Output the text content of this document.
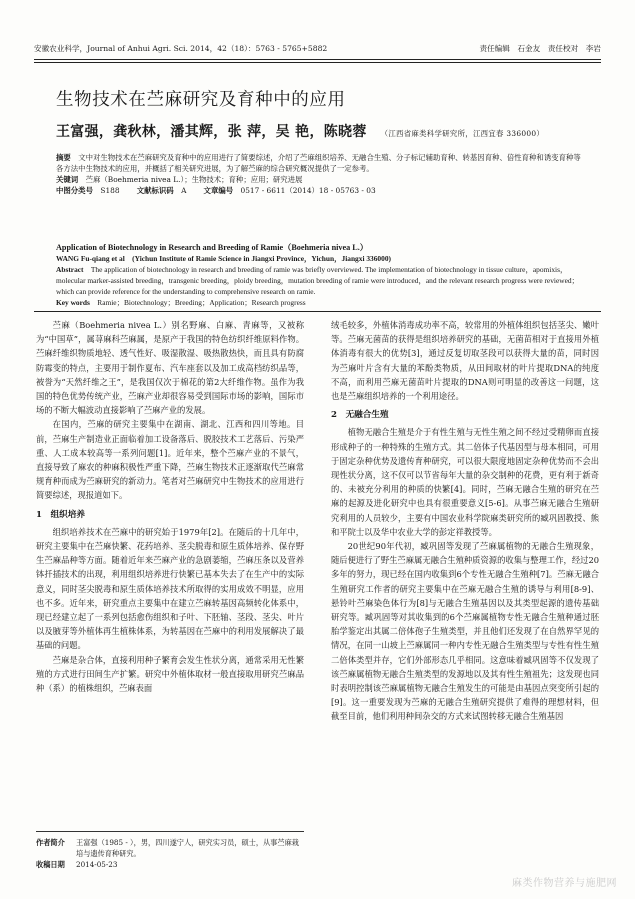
安徽农业科学，Journal of Anhui Agri. Sci. 2014，42（18）：5763 - 5765+5882	责任编辑　石金友　责任校对　李岩
生物技术在苎麻研究及育种中的应用
王富强，龚秋林，潘其辉，张 萍，吴 艳，陈晓蓉 （江西省麻类科学研究所，江西宜春 336000）
摘要　 文中对生物技术在苎麻研究及育种中的应用进行了简要综述，介绍了苎麻组织培养、无融合生殖、分子标记辅助育种、转基因育种、倍性育种和诱变育种等各方法中生物技术的应用，并概括了相关研究进展，为了解苎麻的综合研究概况提供了一定参考。
关键词　 苎麻（Boehmeria nivea L.）；生物技术；育种；应用；研究进展
中图分类号　 S188 　　 文献标识码　 A 　　 文章编号　 0517 - 6611（2014）18 - 05763 - 03
Application of Biotechnology in Research and Breeding of Ramie（Boehmeria nivea L.）
WANG Fu-qiang et al　(Yichun Institute of Ramie Science in Jiangxi Province，Yichun，Jiangxi 336000)
Abstract　 The application of biotechnology in research and breeding of ramie was briefly overviewed. The implementation of biotechnology in tissue culture，apomixis，molecular marker-assisted breeding，transgenic breeding，ploidy breeding，mutation breeding of ramie were introduced，and the relevant research progress were reviewed；which can provide reference for the understanding to comprehensive research on ramie.
Key words　 Ramie；Biotechnology；Breeding；Application；Research progress

苎麻（Boehmeria nivea L.）别名野麻、白麻、青麻等，又被称为“中国草”，属荨麻科苎麻属，是原产于我国的特色纺织纤维原料作物。苎麻纤维织物质地轻、透气性好、吸湿散湿、吸热散热快，而且具有防腐防霉变的特点，主要用于制作夏布、汽车座套以及加工成高档纺织品等，被誉为“天然纤维之王”，是我国仅次于棉花的第2大纤维作物。虽作为我国的特色优势传统产业，苎麻产业却很容易受到国际市场的影响，国际市场的不断大幅波动直接影响了苎麻产业的发展。

在国内，苎麻的研究主要集中在湖南、湖北、江西和四川等地。目前，苎麻生产制造业正面临着加工设备落后、脱胶技术工艺落后、污染严重、人工成本较高等一系列问题[1]。近年来，整个苎麻产业的不景气，直接导致了麻农的种麻积极性严重下降，苎麻生物技术正逐渐取代苎麻常规育种而成为苎麻研究的新动力。笔者对苎麻研究中生物技术的应用进行简要综述，现报道如下。

1　组织培养

组织培养技术在苎麻中的研究始于1979年[2]。在随后的十几年中，研究主要集中在苎麻快繁、花药培养、茎尖脱毒和原生质体培养、保存野生苎麻品种等方面。随着近年来苎麻产业的急剧萎缩，苎麻压条以及营养钵扦插技术的出现，利用组织培养进行快繁已基本失去了在生产中的实际意义，同时茎尖脱毒和原生质体培养技术所取得的实用成效不明显，应用也不多。近年来，研究重点主要集中在建立苎麻转基因高频转化体系中，现已经建立起了一系列包括愈伤组织和子叶、下胚轴、茎段、茎尖、叶片以及腋芽等外植体再生植株体系，为转基因在苎麻中的利用发展解决了最基础的问题。

苎麻是杂合体，直接利用种子繁育会发生性状分离，通常采用无性繁殖的方式进行田间生产扩繁。研究中外植体取材一般直接取用研究苎麻品种（系）的植株组织，苎麻表面

绒毛较多，外植体消毒成功率不高，较常用的外植体组织包括茎尖、嫩叶等。苎麻无菌苗的获得是组织培养研究的基础，无菌苗相对于直接用外植体消毒有很大的优势[3]，通过反复切取茎段可以获得大量的苗，同时因为苎麻叶片含有大量的苯酚类物质，从田间取材的叶片提取DNA的纯度不高，而利用苎麻无菌苗叶片提取的DNA则可明显的改善这一问题，这也是苎麻组织培养的一个利用途径。

2　无融合生殖

植物无融合生殖是介于有性生殖与无性生殖之间不经过受精卵而直接形成种子的一种特殊的生殖方式。其二倍体子代基因型与母本相同，可用于固定杂种优势及遗传育种研究，可以很大限度地固定杂种优势而不会出现性状分离，这不仅可以节省每年大量的杂交制种的花费，更有利于新奇的、未被充分利用的种质的快繁[4]。同时，苎麻无融合生殖的研究在苎麻的起源及进化研究中也具有很重要意义[5-6]。从事苎麻无融合生殖研究利用的人员较少，主要有中国农业科学院麻类研究所的臧巩固教授、熊和平院士以及华中农业大学的彭定祥教授等。

20世纪90年代初，臧巩固等发现了苎麻属植物的无融合生殖现象，随后便进行了野生苎麻属无融合生殖种质资源的收集与整理工作，经过20多年的努力，现已经在国内收集到6个专性无融合生殖种[7]。苎麻无融合生殖研究工作者的研究主要集中在苎麻无融合生殖的诱导与利用[8-9]、悬铃叶苎麻染色体行为[8]与无融合生殖基因以及其类型起源的遗传基础研究等。臧巩固等对其收集到的6个苎麻属植物专性无融合生殖种通过胚胎学鉴定出其属二倍体孢子生殖类型，并且他们还发现了在自然界罕见的情况，在同一山坡上苎麻属同一种内专性无融合生殖类型与专性有性生殖二倍体类型并存，它们外部形态几乎相同。这意味着臧巩固等不仅发现了该苎麻属植物无融合生殖类型的发源地以及其有性生殖祖先；这发现也同时表明控制该苎麻属植物无融合生殖发生的可能是由基因点突变所引起的[9]。这一重要发现为苎麻的无融合生殖研究提供了难得的理想材料，但截至目前，他们利用种间杂交的方式来试图转移无融合生殖基因

作者简介	王富强（1985 - ），男，四川遂宁人，研究实习员，硕士，从事苎麻栽培与遗传育种研究。
收稿日期	2014-05-23
麻类作物营养与施肥网
